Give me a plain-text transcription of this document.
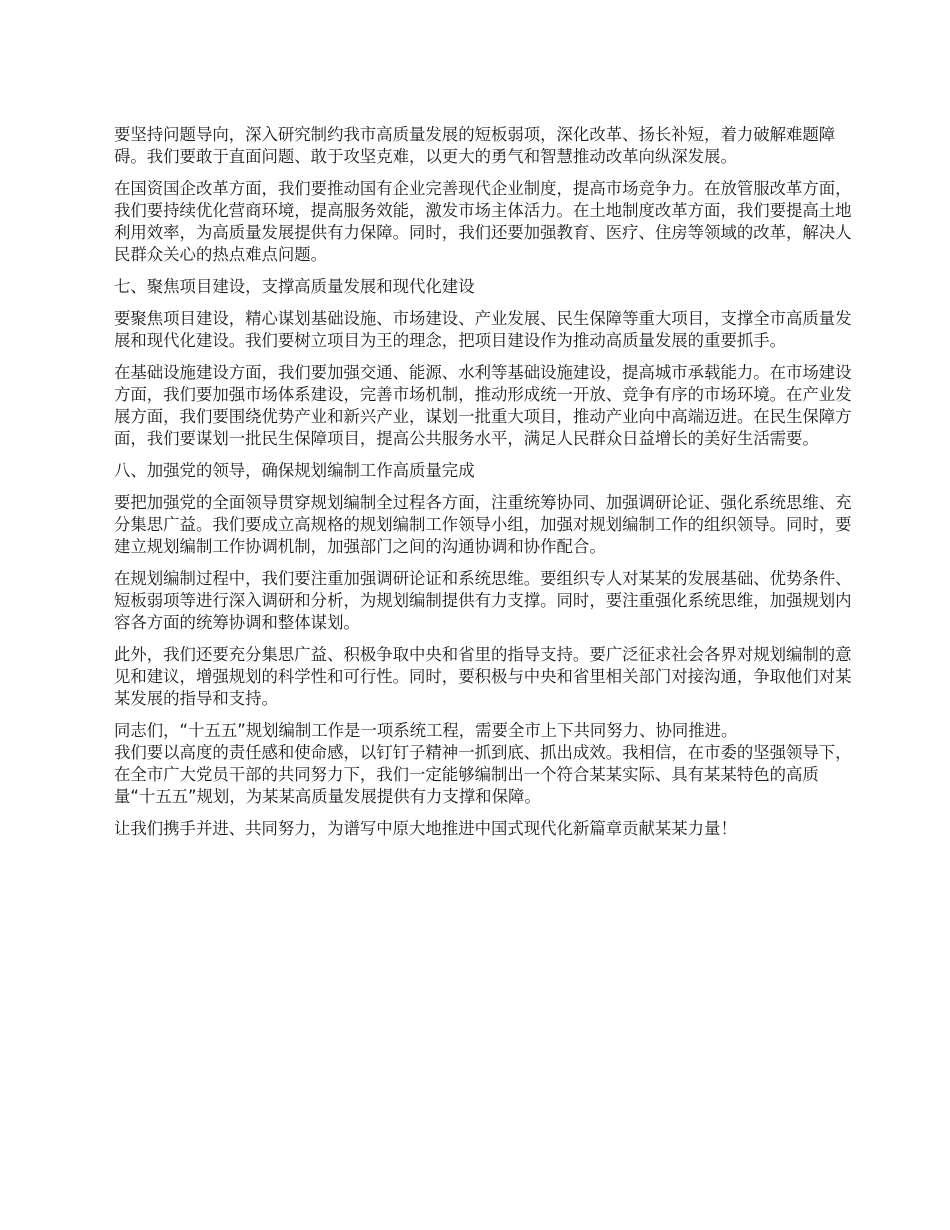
要坚持问题导向，深入研究制约我市高质量发展的短板弱项，深化改革、扬长补短，着力破解难题障碍。我们要敢于直面问题、敢于攻坚克难，以更大的勇气和智慧推动改革向纵深发展。

在国资国企改革方面，我们要推动国有企业完善现代企业制度，提高市场竞争力。在放管服改革方面，我们要持续优化营商环境，提高服务效能，激发市场主体活力。在土地制度改革方面，我们要提高土地利用效率，为高质量发展提供有力保障。同时，我们还要加强教育、医疗、住房等领域的改革，解决人民群众关心的热点难点问题。

七、聚焦项目建设，支撑高质量发展和现代化建设

要聚焦项目建设，精心谋划基础设施、市场建设、产业发展、民生保障等重大项目，支撑全市高质量发展和现代化建设。我们要树立项目为王的理念，把项目建设作为推动高质量发展的重要抓手。

在基础设施建设方面，我们要加强交通、能源、水利等基础设施建设，提高城市承载能力。在市场建设方面，我们要加强市场体系建设，完善市场机制，推动形成统一开放、竞争有序的市场环境。在产业发展方面，我们要围绕优势产业和新兴产业，谋划一批重大项目，推动产业向中高端迈进。在民生保障方面，我们要谋划一批民生保障项目，提高公共服务水平，满足人民群众日益增长的美好生活需要。

八、加强党的领导，确保规划编制工作高质量完成

要把加强党的全面领导贯穿规划编制全过程各方面，注重统筹协同、加强调研论证、强化系统思维、充分集思广益。我们要成立高规格的规划编制工作领导小组，加强对规划编制工作的组织领导。同时，要建立规划编制工作协调机制，加强部门之间的沟通协调和协作配合。

在规划编制过程中，我们要注重加强调研论证和系统思维。要组织专人对某某的发展基础、优势条件、短板弱项等进行深入调研和分析，为规划编制提供有力支撑。同时，要注重强化系统思维，加强规划内容各方面的统筹协调和整体谋划。

此外，我们还要充分集思广益、积极争取中央和省里的指导支持。要广泛征求社会各界对规划编制的意见和建议，增强规划的科学性和可行性。同时，要积极与中央和省里相关部门对接沟通，争取他们对某某发展的指导和支持。

同志们，“十五五”规划编制工作是一项系统工程，需要全市上下共同努力、协同推进。
我们要以高度的责任感和使命感，以钉钉子精神一抓到底、抓出成效。我相信，在市委的坚强领导下，在全市广大党员干部的共同努力下，我们一定能够编制出一个符合某某实际、具有某某特色的高质量“十五五”规划，为某某高质量发展提供有力支撑和保障。

让我们携手并进、共同努力，为谱写中原大地推进中国式现代化新篇章贡献某某力量！
